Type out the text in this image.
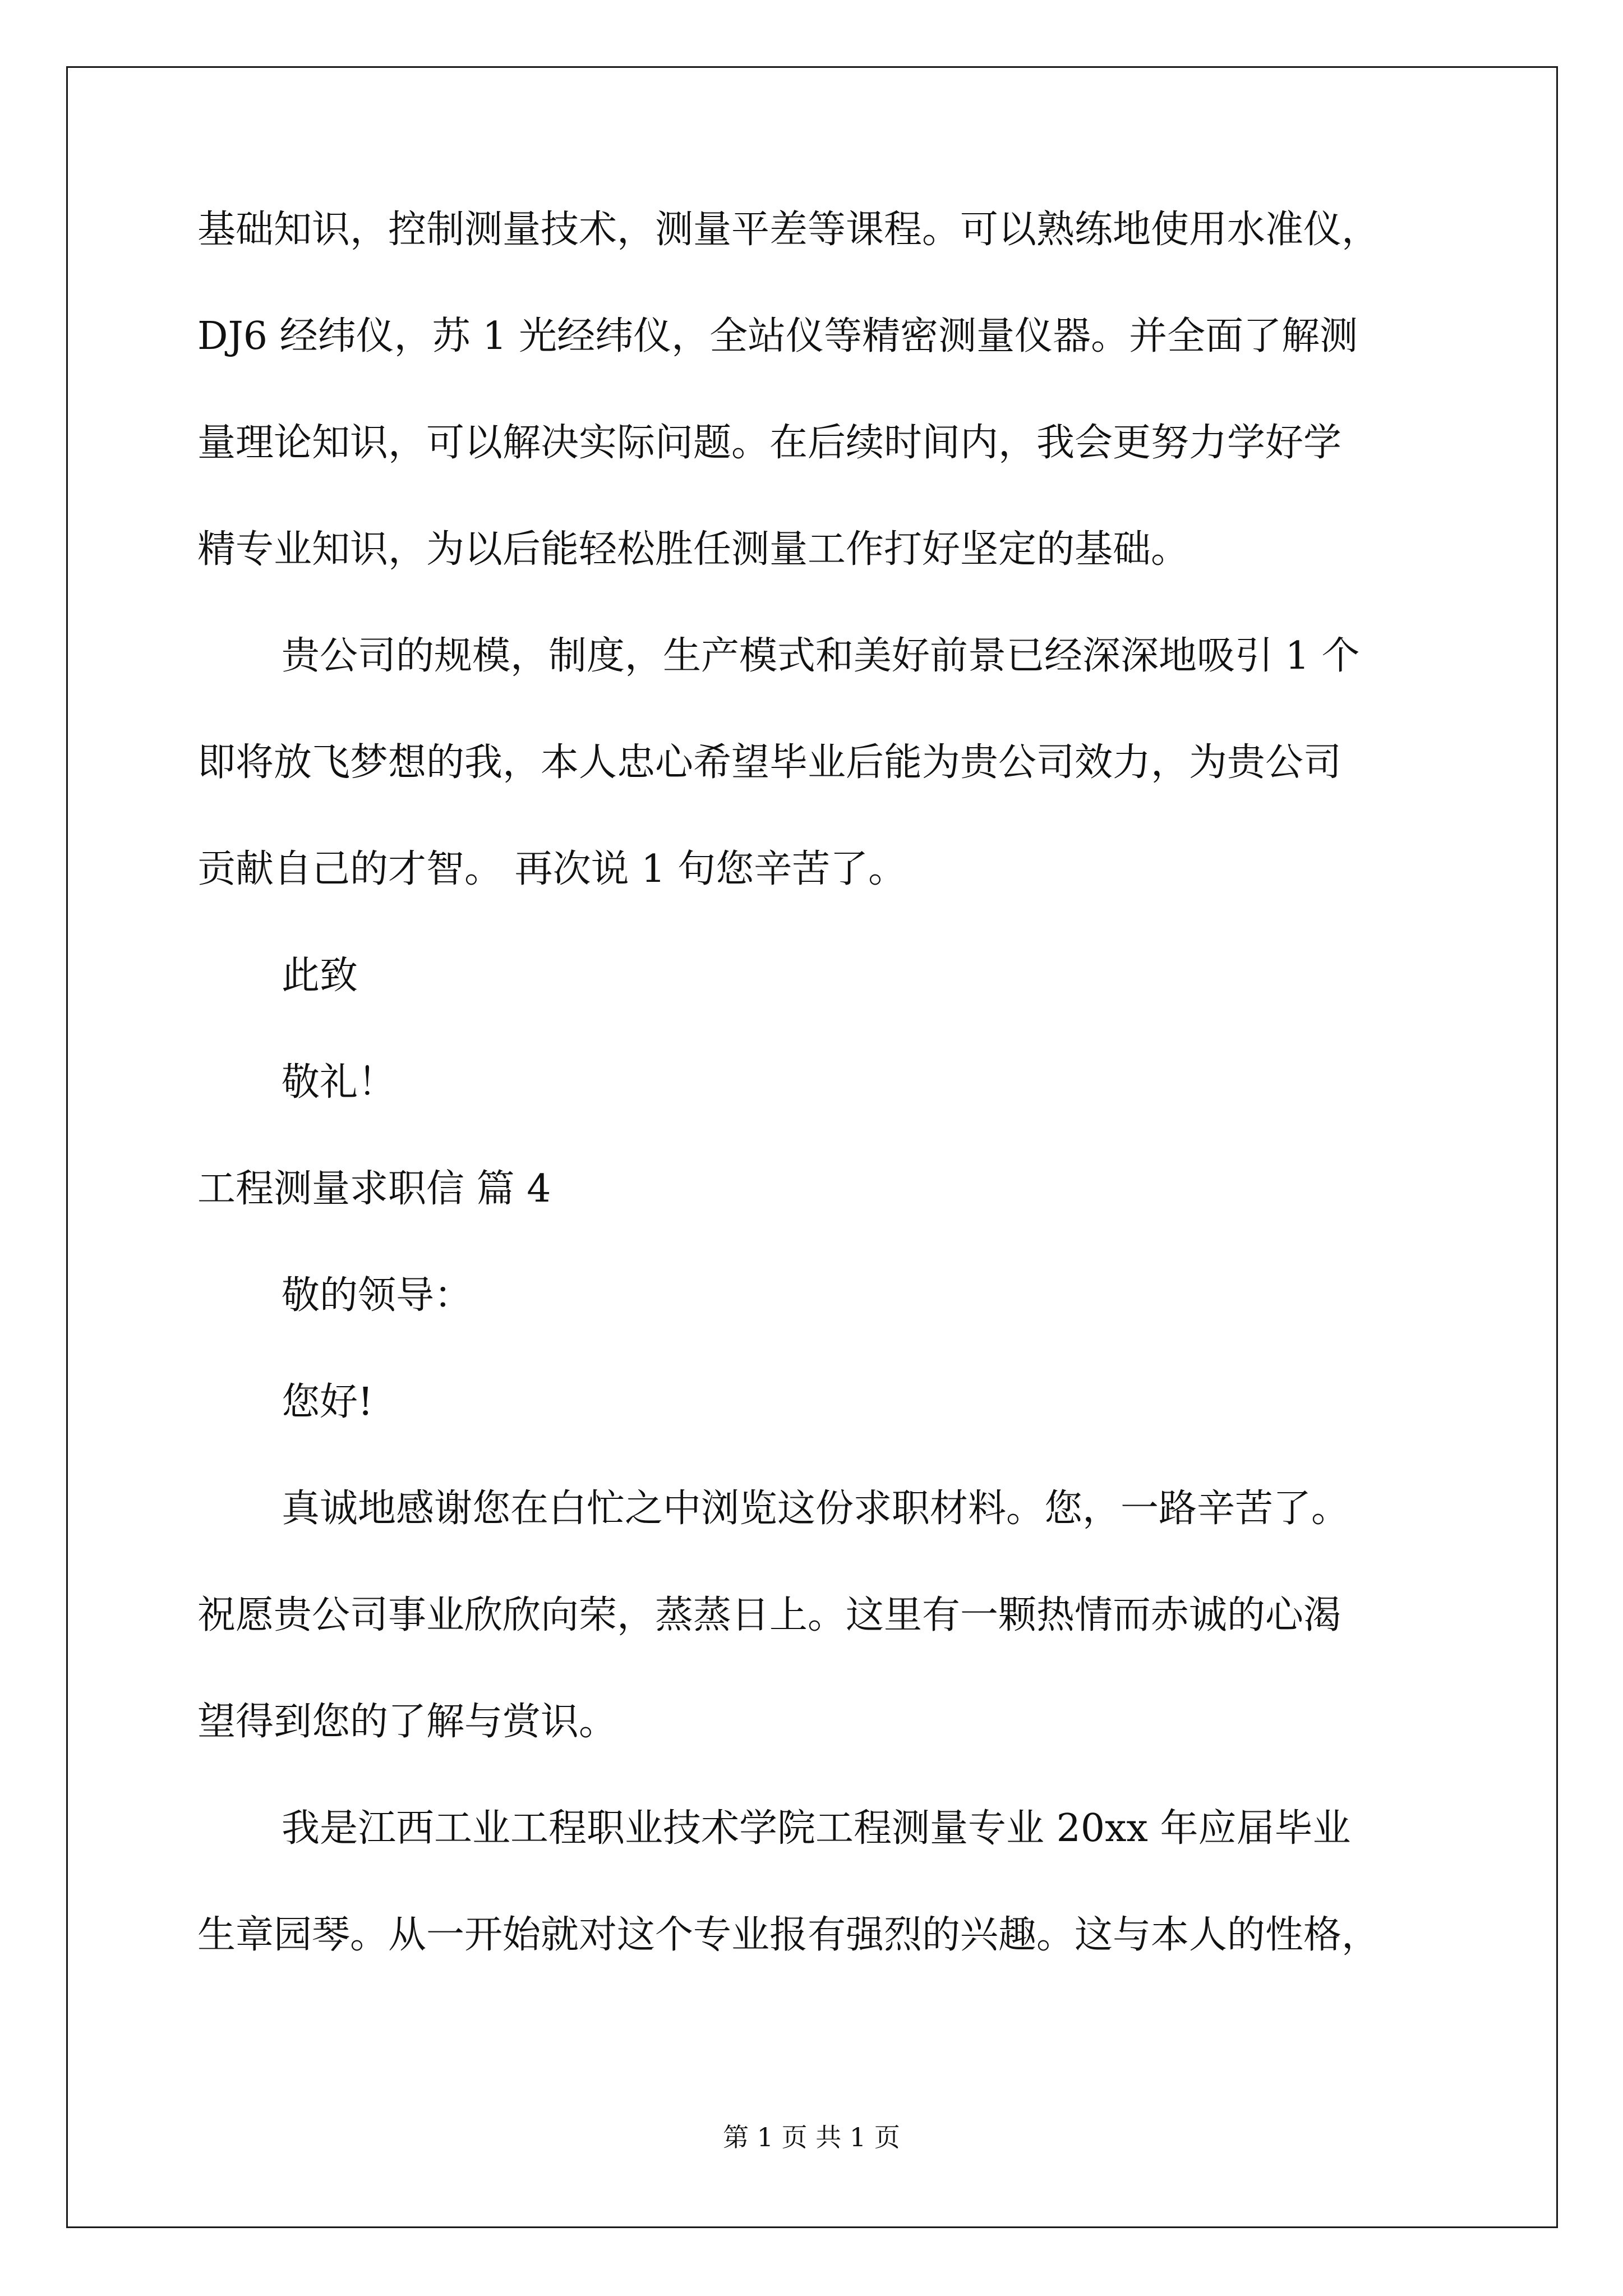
基础知识，控制测量技术，测量平差等课程。可以熟练地使用水准仪，
DJ6 经纬仪，苏 1 光经纬仪，全站仪等精密测量仪器。并全面了解测
量理论知识，可以解决实际问题。在后续时间内，我会更努力学好学
精专业知识，为以后能轻松胜任测量工作打好坚定的基础。
贵公司的规模，制度，生产模式和美好前景已经深深地吸引 1 个
即将放飞梦想的我，本人忠心希望毕业后能为贵公司效力，为贵公司
贡献自己的才智。 再次说 1 句您辛苦了。
此致
敬礼！
工程测量求职信 篇 4
敬的领导：
您好!
真诚地感谢您在白忙之中浏览这份求职材料。您，一路辛苦了。
祝愿贵公司事业欣欣向荣，蒸蒸日上。这里有一颗热情而赤诚的心渴
望得到您的了解与赏识。
我是江西工业工程职业技术学院工程测量专业 20xx 年应届毕业
生章园琴。从一开始就对这个专业报有强烈的兴趣。这与本人的性格，
第 1 页 共 1 页
